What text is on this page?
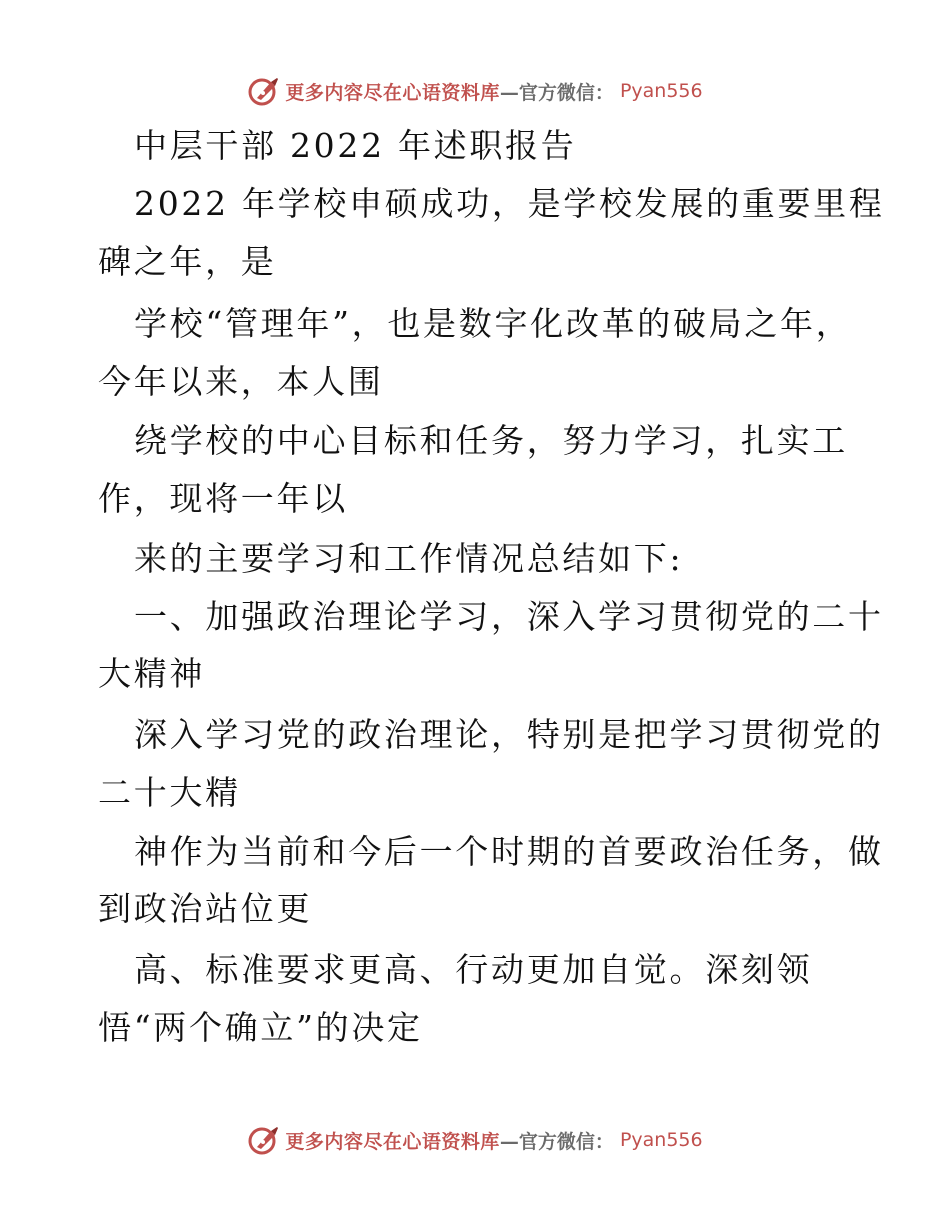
更多内容尽在心语资料库 —官方微信： Pyan556
中层干部 2022 年述职报告
2022 年学校申硕成功，是学校发展的重要里程
碑之年，是
学校“管理年”，也是数字化改革的破局之年，
今年以来，本人围
绕学校的中心目标和任务，努力学习，扎实工
作，现将一年以
来的主要学习和工作情况总结如下:
一、加强政治理论学习，深入学习贯彻党的二十
大精神
深入学习党的政治理论，特别是把学习贯彻党的
二十大精
神作为当前和今后一个时期的首要政治任务，做
到政治站位更
高、标准要求更高、行动更加自觉。深刻领
悟“两个确立”的决定
更多内容尽在心语资料库 —官方微信： Pyan556
